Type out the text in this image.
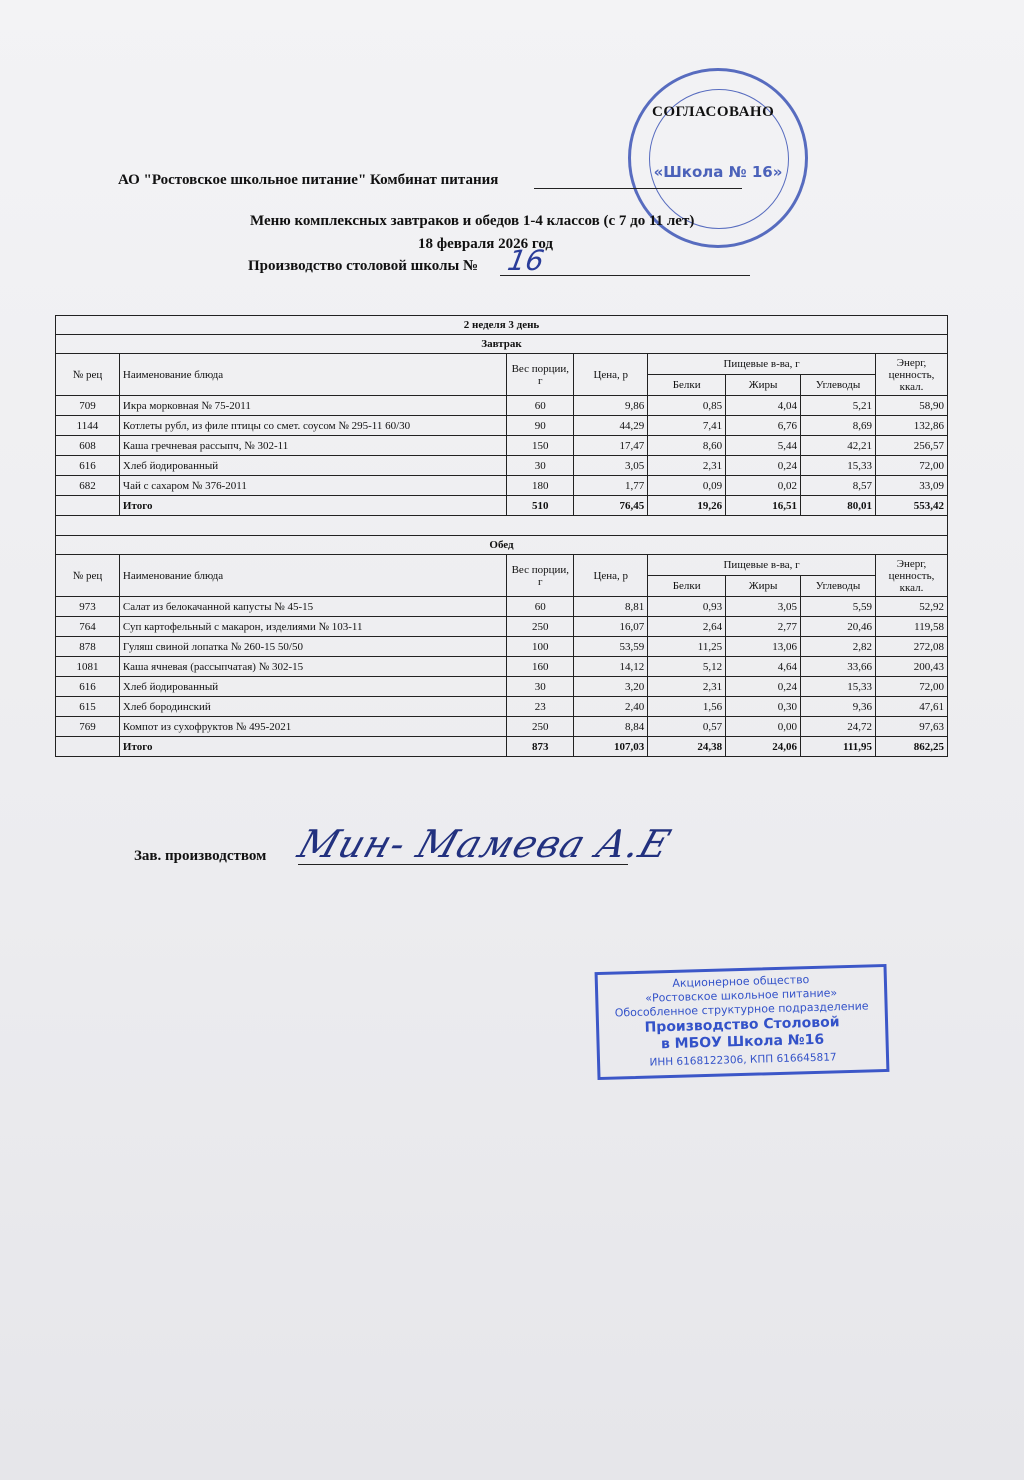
«Школа № 16»
СОГЛАСОВАНО
АО "Ростовское школьное питание" Комбинат питания
Меню комплексных завтраков и обедов 1-4 классов (с 7 до 11 лет)
18 февраля 2026 год
Производство столовой школы № 16
2 неделя 3 день							
Завтрак							
№ рец	Наименование блюда	Вес порции, г	Цена, р	Пищевые в-ва, г			Энерг, ценность, ккал.
				Белки	Жиры	Углеводы	
709	Икра морковная № 75-2011	60	9,86	0,85	4,04	5,21	58,90
1144	Котлеты рубл, из филе птицы со смет. соусом № 295-11 60/30	90	44,29	7,41	6,76	8,69	132,86
608	Каша гречневая рассыпч, № 302-11	150	17,47	8,60	5,44	42,21	256,57
616	Хлеб йодированный	30	3,05	2,31	0,24	15,33	72,00
682	Чай с сахаром № 376-2011	180	1,77	0,09	0,02	8,57	33,09
	Итого	510	76,45	19,26	16,51	80,01	553,42

Обед							
№ рец	Наименование блюда	Вес порции, г	Цена, р	Пищевые в-ва, г			Энерг, ценность, ккал.
				Белки	Жиры	Углеводы	
973	Салат из белокачанной капусты № 45-15	60	8,81	0,93	3,05	5,59	52,92
764	Суп картофельный с макарон, изделиями № 103-11	250	16,07	2,64	2,77	20,46	119,58
878	Гуляш свиной лопатка № 260-15 50/50	100	53,59	11,25	13,06	2,82	272,08
1081	Каша ячневая (рассыпчатая) № 302-15	160	14,12	5,12	4,64	33,66	200,43
616	Хлеб йодированный	30	3,20	2,31	0,24	15,33	72,00
615	Хлеб бородинский	23	2,40	1,56	0,30	9,36	47,61
769	Компот из сухофруктов № 495-2021	250	8,84	0,57	0,00	24,72	97,63
	Итого	873	107,03	24,38	24,06	111,95	862,25
Зав. производством Мин- Мамева А.Е
Акционерное общество
«Ростовское школьное питание»
Обособленное структурное подразделение
Производство Столовой
в МБОУ Школа №16
ИНН 6168122306, КПП 616645817
